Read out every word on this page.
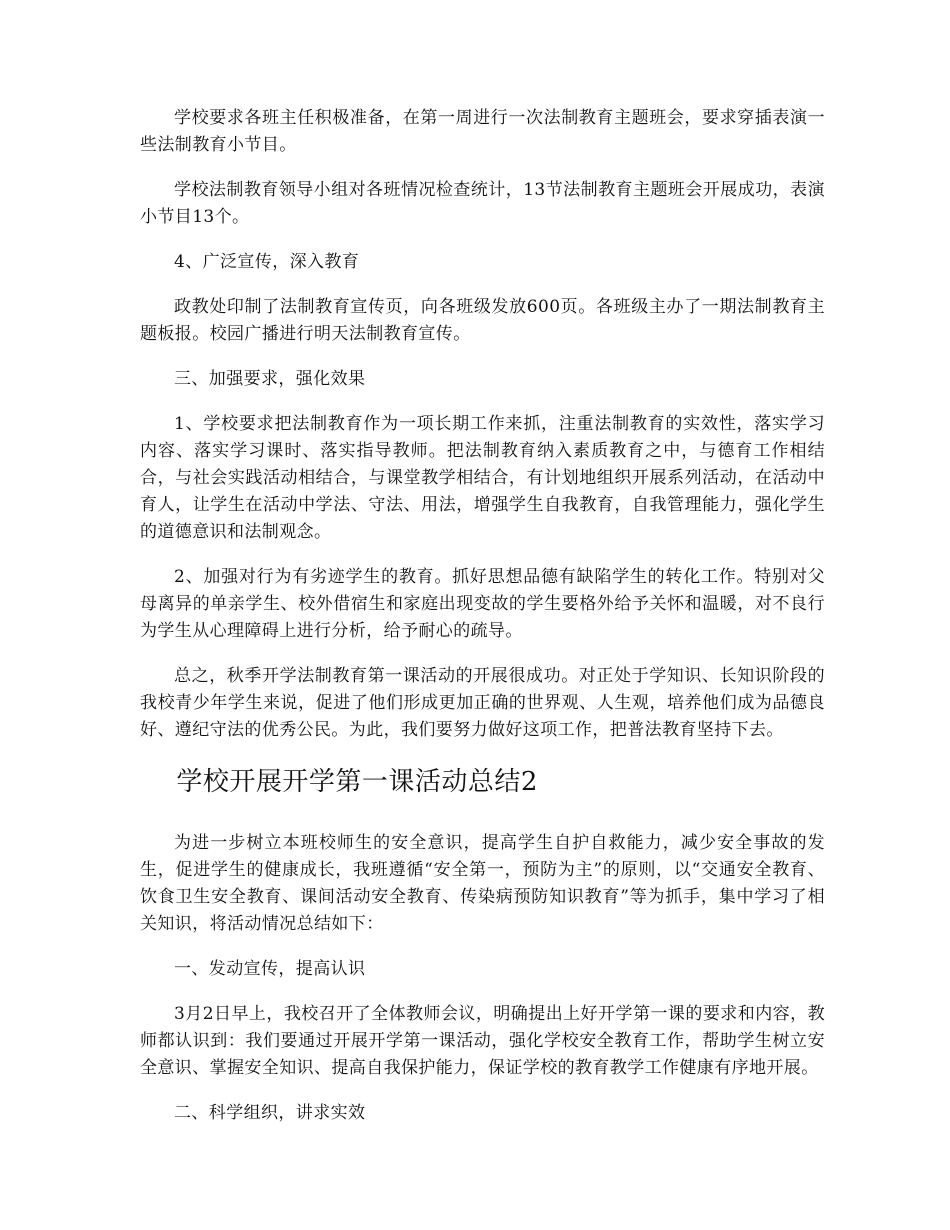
学校要求各班主任积极准备，在第一周进行一次法制教育主题班会，要求穿插表演一些法制教育小节目。

学校法制教育领导小组对各班情况检查统计，13节法制教育主题班会开展成功，表演小节目13个。

4、广泛宣传，深入教育

政教处印制了法制教育宣传页，向各班级发放600页。各班级主办了一期法制教育主题板报。校园广播进行明天法制教育宣传。

三、加强要求，强化效果

1、学校要求把法制教育作为一项长期工作来抓，注重法制教育的实效性，落实学习内容、落实学习课时、落实指导教师。把法制教育纳入素质教育之中，与德育工作相结合，与社会实践活动相结合，与课堂教学相结合，有计划地组织开展系列活动，在活动中育人，让学生在活动中学法、守法、用法，增强学生自我教育，自我管理能力，强化学生的道德意识和法制观念。

2、加强对行为有劣迹学生的教育。抓好思想品德有缺陷学生的转化工作。特别对父母离异的单亲学生、校外借宿生和家庭出现变故的学生要格外给予关怀和温暖，对不良行为学生从心理障碍上进行分析，给予耐心的疏导。

总之，秋季开学法制教育第一课活动的开展很成功。对正处于学知识、长知识阶段的我校青少年学生来说，促进了他们形成更加正确的世界观、人生观，培养他们成为品德良好、遵纪守法的优秀公民。为此，我们要努力做好这项工作，把普法教育坚持下去。

学校开展开学第一课活动总结2

为进一步树立本班校师生的安全意识，提高学生自护自救能力，减少安全事故的发生，促进学生的健康成长，我班遵循“安全第一，预防为主”的原则，以“交通安全教育、饮食卫生安全教育、课间活动安全教育、传染病预防知识教育”等为抓手，集中学习了相关知识，将活动情况总结如下：

一、发动宣传，提高认识

3月2日早上，我校召开了全体教师会议，明确提出上好开学第一课的要求和内容，教师都认识到：我们要通过开展开学第一课活动，强化学校安全教育工作，帮助学生树立安全意识、掌握安全知识、提高自我保护能力，保证学校的教育教学工作健康有序地开展。

二、科学组织，讲求实效
